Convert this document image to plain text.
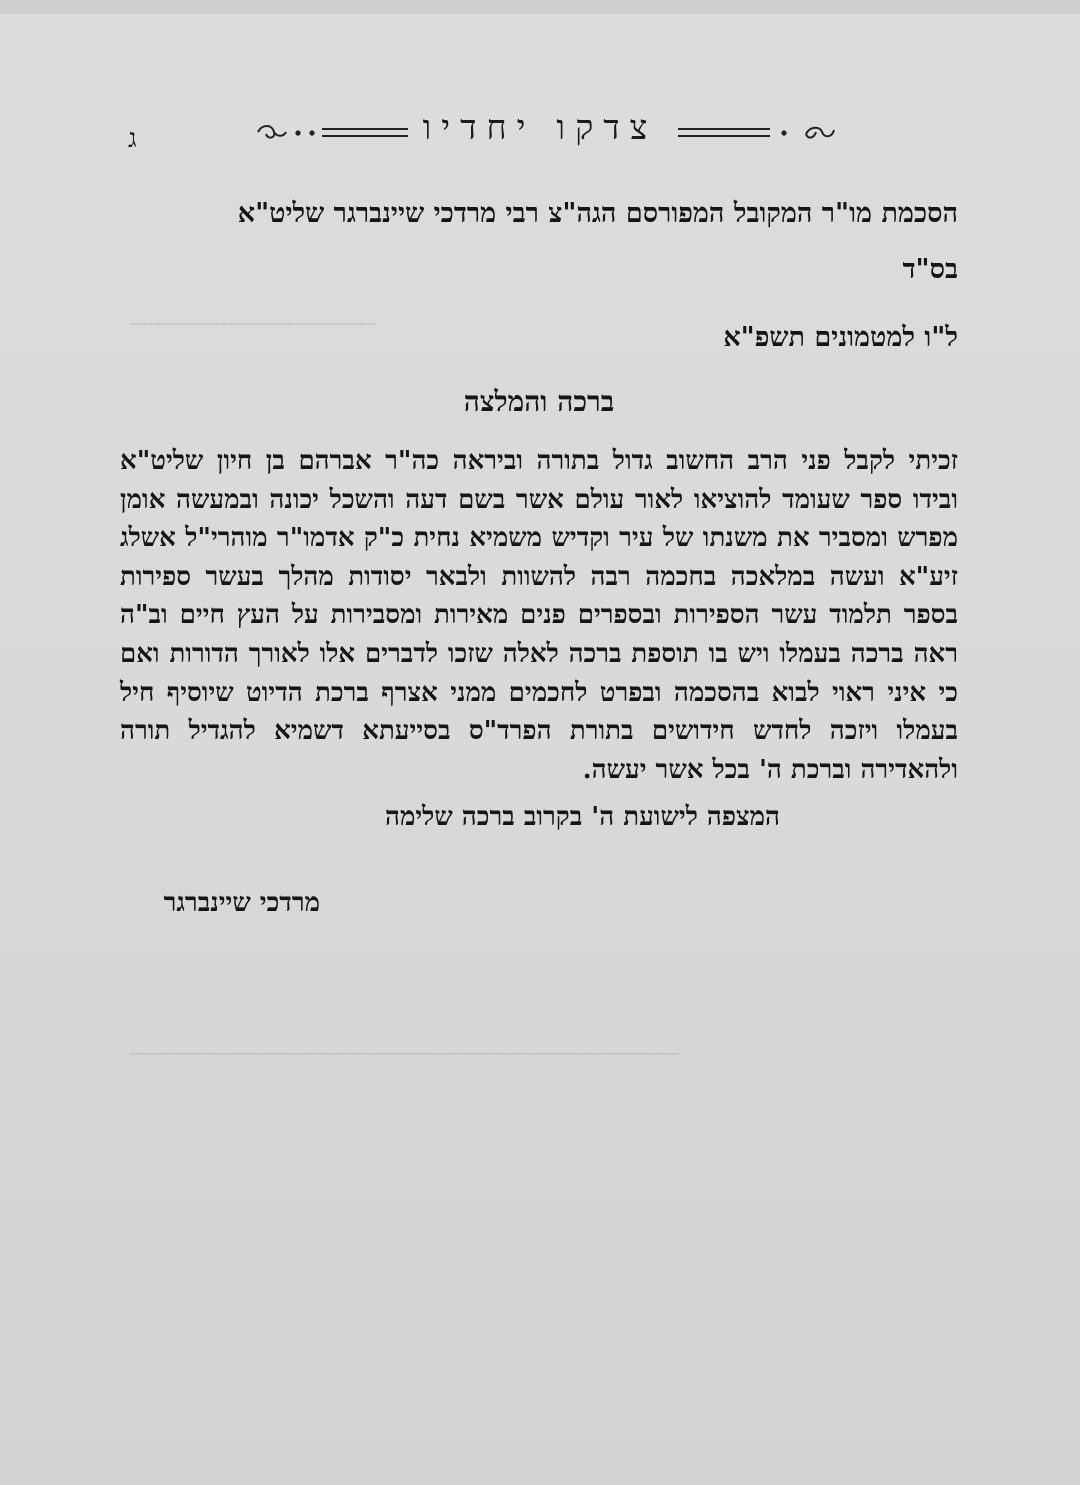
─────────────────
──────────────────────────────────────
צדקו יחדיו
ג

הסכמת מו"ר המקובל המפורסם הגה"צ רבי מרדכי שיינברגר שליט"א

בס"ד

ל"ו למטמונים תשפ"א

ברכה והמלצה
זכיתי לקבל פני הרב החשוב גדול בתורה וביראה כה"ר אברהם בן חיון שליט"א ובידו ספר שעומד להוציאו לאור עולם אשר בשם דעה והשכל יכונה ובמעשה אומן מפרש ומסביר את משנתו של עיר וקדיש משמיא נחית כ"ק אדמו"ר מוהרי"ל אשלג זיע"א ועשה במלאכה בחכמה רבה להשוות ולבאר יסודות מהלך בעשר ספירות בספר תלמוד עשר הספירות ובספרים פנים מאירות ומסבירות על העץ חיים וב"ה ראה ברכה בעמלו ויש בו תוספת ברכה לאלה שזכו לדברים אלו לאורך הדורות ואם כי איני ראוי לבוא בהסכמה ובפרט לחכמים ממני אצרף ברכת הדיוט שיוסיף חיל בעמלו ויזכה לחדש חידושים בתורת הפרד"ס בסייעתא דשמיא להגדיל תורה ולהאדירה וברכת ה' בכל אשר יעשה.
המצפה לישועת ה' בקרוב ברכה שלימה
מרדכי שיינברגר
